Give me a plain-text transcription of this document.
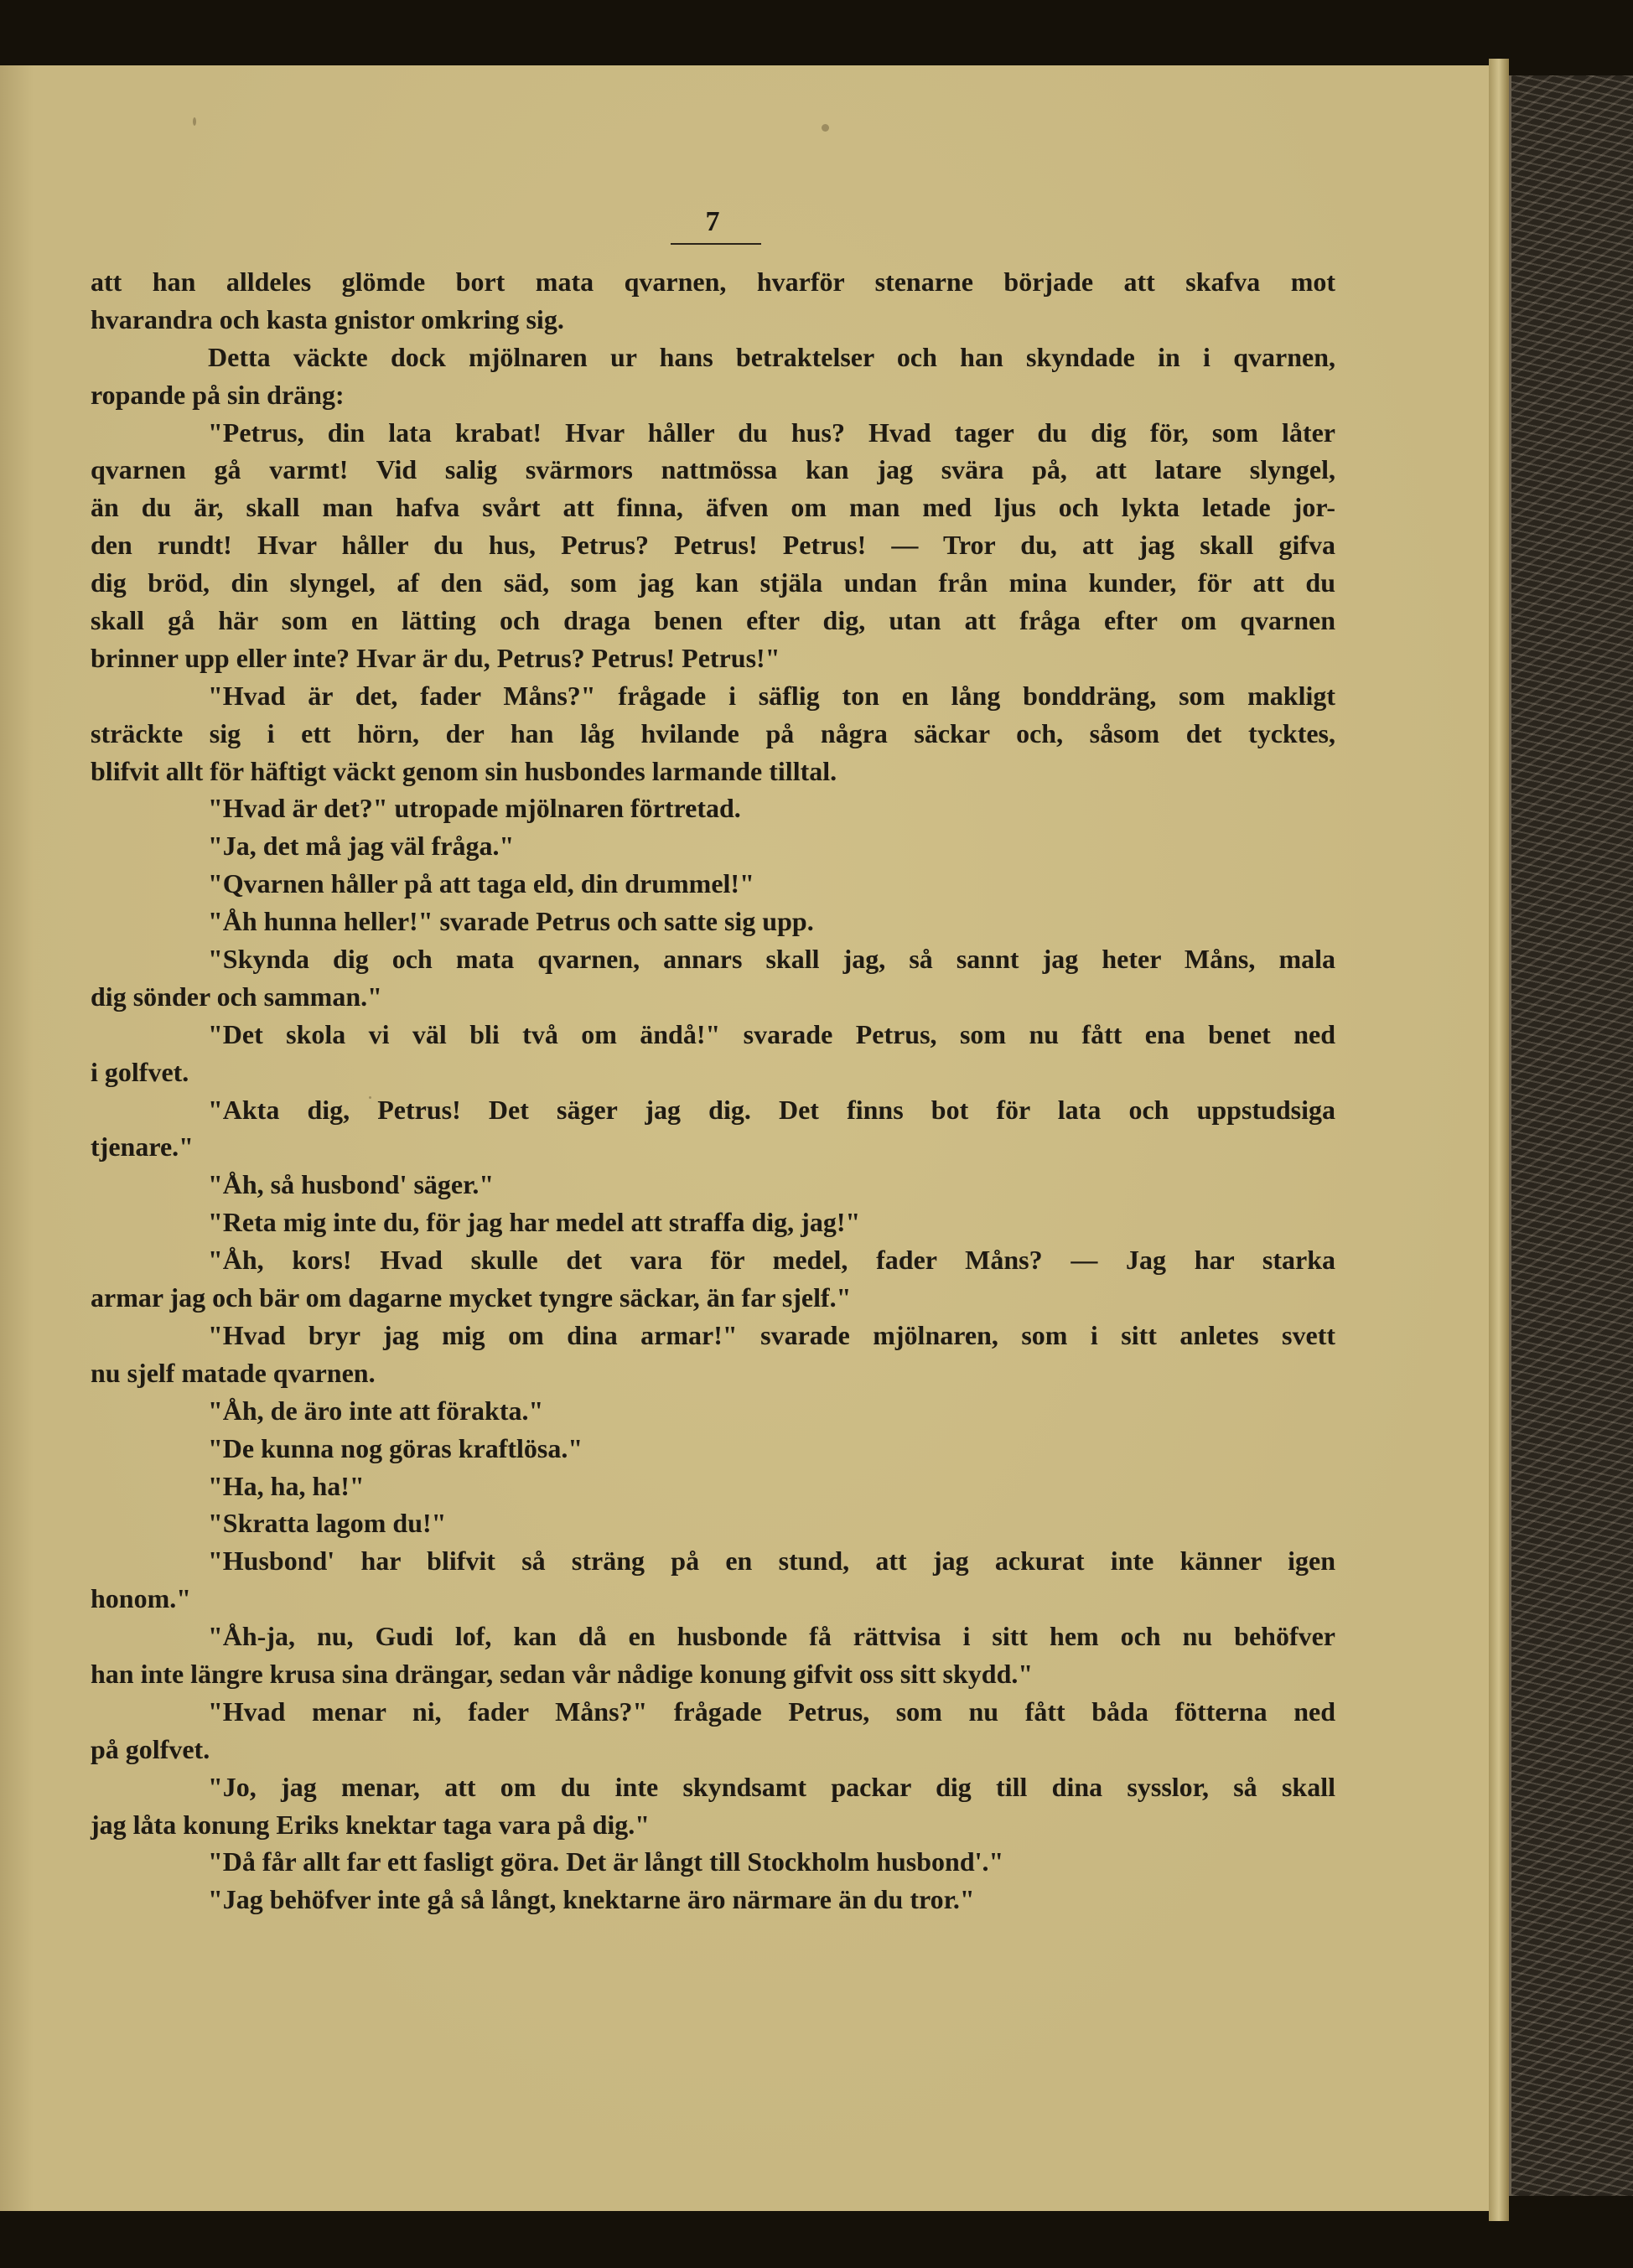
7
att han alldeles glömde bort mata qvarnen, hvarför stenarne började att skafva mot
hvarandra och kasta gnistor omkring sig.
Detta väckte dock mjölnaren ur hans betraktelser och han skyndade in i qvarnen,
ropande på sin dräng:
"Petrus, din lata krabat! Hvar håller du hus? Hvad tager du dig för, som låter
qvarnen gå varmt! Vid salig svärmors nattmössa kan jag svära på, att latare slyngel,
än du är, skall man hafva svårt att finna, äfven om man med ljus och lykta letade jor-
den rundt! Hvar håller du hus, Petrus? Petrus! Petrus! — Tror du, att jag skall gifva
dig bröd, din slyngel, af den säd, som jag kan stjäla undan från mina kunder, för att du
skall gå här som en lätting och draga benen efter dig, utan att fråga efter om qvarnen
brinner upp eller inte? Hvar är du, Petrus? Petrus! Petrus!"
"Hvad är det, fader Måns?" frågade i säflig ton en lång bonddräng, som makligt
sträckte sig i ett hörn, der han låg hvilande på några säckar och, såsom det tycktes,
blifvit allt för häftigt väckt genom sin husbondes larmande tilltal.
"Hvad är det?" utropade mjölnaren förtretad.
"Ja, det må jag väl fråga."
"Qvarnen håller på att taga eld, din drummel!"
"Åh hunna heller!" svarade Petrus och satte sig upp.
"Skynda dig och mata qvarnen, annars skall jag, så sannt jag heter Måns, mala
dig sönder och samman."
"Det skola vi väl bli två om ändå!" svarade Petrus, som nu fått ena benet ned
i golfvet.
"Akta dig, Petrus! Det säger jag dig. Det finns bot för lata och uppstudsiga
tjenare."
"Åh, så husbond' säger."
"Reta mig inte du, för jag har medel att straffa dig, jag!"
"Åh, kors! Hvad skulle det vara för medel, fader Måns? — Jag har starka
armar jag och bär om dagarne mycket tyngre säckar, än far sjelf."
"Hvad bryr jag mig om dina armar!" svarade mjölnaren, som i sitt anletes svett
nu sjelf matade qvarnen.
"Åh, de äro inte att förakta."
"De kunna nog göras kraftlösa."
"Ha, ha, ha!"
"Skratta lagom du!"
"Husbond' har blifvit så sträng på en stund, att jag ackurat inte känner igen
honom."
"Åh-ja, nu, Gudi lof, kan då en husbonde få rättvisa i sitt hem och nu behöfver
han inte längre krusa sina drängar, sedan vår nådige konung gifvit oss sitt skydd."
"Hvad menar ni, fader Måns?" frågade Petrus, som nu fått båda fötterna ned
på golfvet.
"Jo, jag menar, att om du inte skyndsamt packar dig till dina sysslor, så skall
jag låta konung Eriks knektar taga vara på dig."
"Då får allt far ett fasligt göra. Det är långt till Stockholm husbond'."
"Jag behöfver inte gå så långt, knektarne äro närmare än du tror."
